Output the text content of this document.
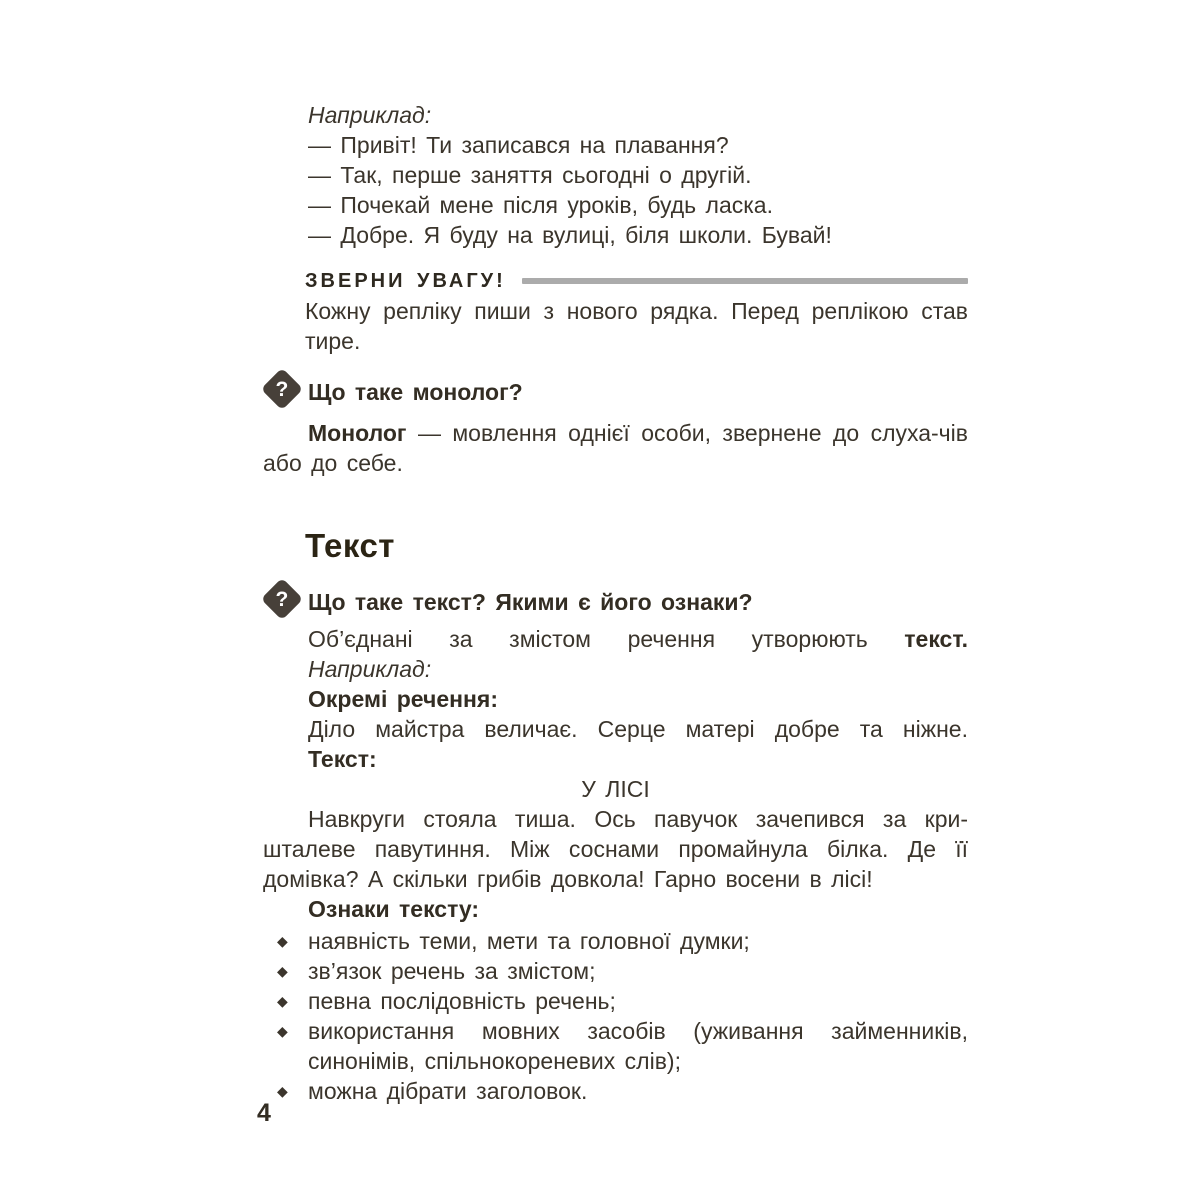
Наприклад:

— Привіт! Ти записався на плавання?

— Так, перше заняття сьогодні о другій.

— Почекай мене після уроків, будь ласка.

— Добре. Я буду на вулиці, біля школи. Бувай!

ЗВЕРНИ УВАГУ!

Кожну репліку пиши з нового рядка. Перед реплікою став тире.

? Що таке монолог?

Монолог — мовлення однієї особи, звернене до слуха-чів або до себе.

Текст
? Що таке текст? Якими є його ознаки?

Об’єднані за змістом речення утворюють текст.

Наприклад:

Окремі речення:

Діло майстра величає. Серце матері добре та ніжне.

Текст:

У ЛІСІ

Навкруги стояла тиша. Ось павучок зачепився за кри-шталеве павутиння. Між соснами промайнула білка. Де її домівка? А скільки грибів довкола! Гарно восени в лісі!

Ознаки тексту:

◆ наявність теми, мети та головної думки;
◆ зв’язок речень за змістом;
◆ певна послідовність речень;
◆ використання мовних засобів (уживання займенників, синонімів, спільнокореневих слів);
◆ можна дібрати заголовок.
4
